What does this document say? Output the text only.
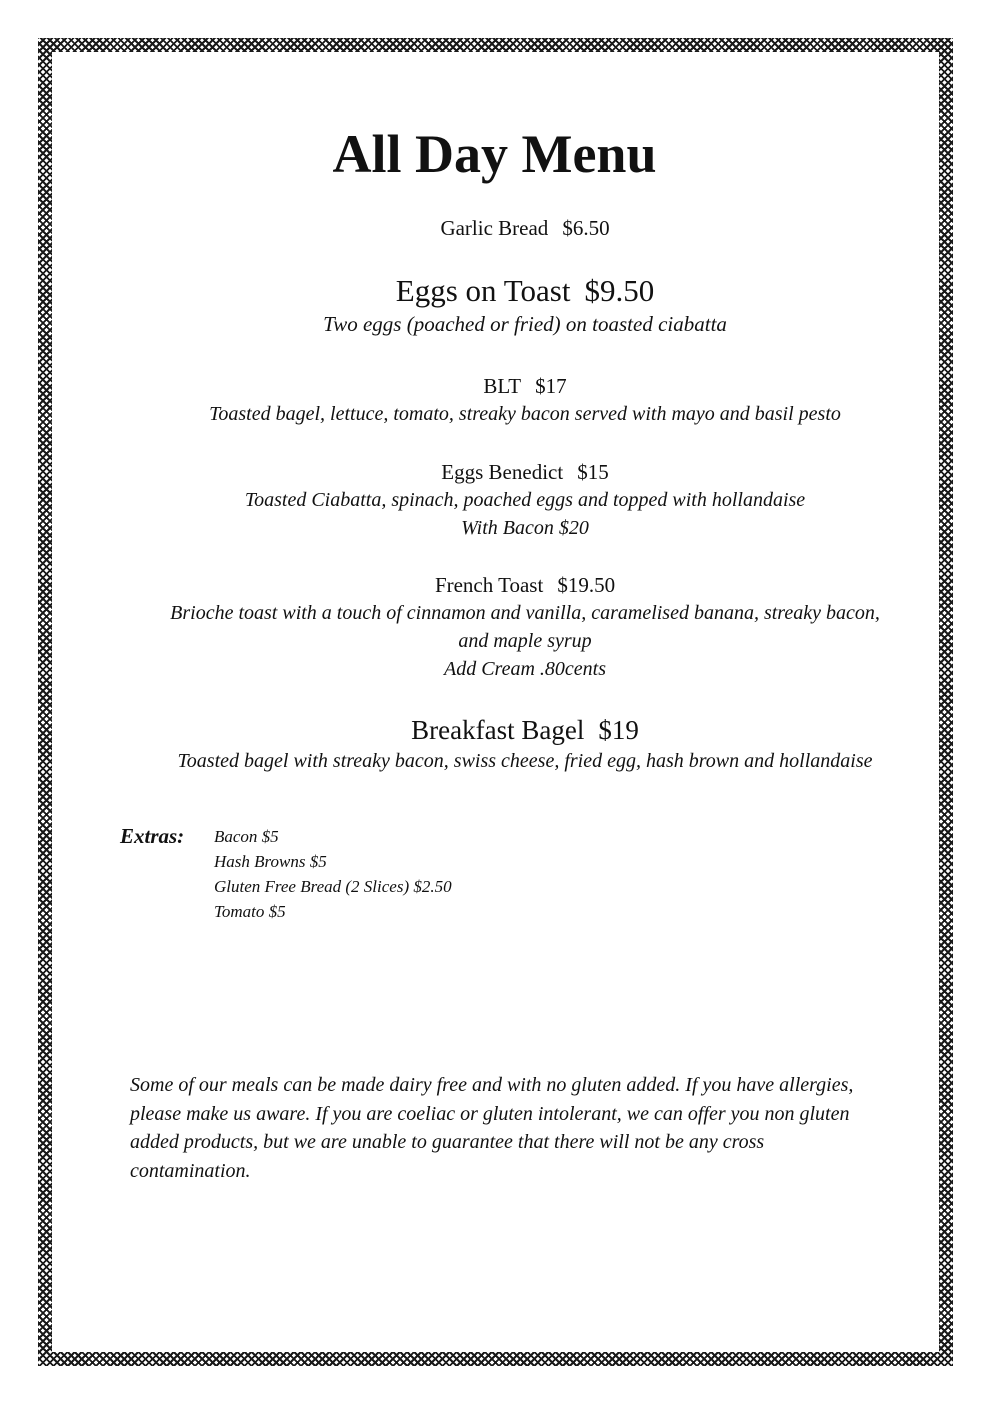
All Day Menu
Garlic Bread $6.50
Eggs on Toast $9.50
Two eggs (poached or fried) on toasted ciabatta
BLT $17
Toasted bagel, lettuce, tomato, streaky bacon served with mayo and basil pesto
Eggs Benedict $15
Toasted Ciabatta, spinach, poached eggs and topped with hollandaise
With Bacon $20
French Toast $19.50
Brioche toast with a touch of cinnamon and vanilla, caramelised banana, streaky bacon,
and maple syrup
Add Cream .80cents
Breakfast Bagel $19
Toasted bagel with streaky bacon, swiss cheese, fried egg, hash brown and hollandaise
Extras:	Bacon $5
Hash Browns $5
Gluten Free Bread (2 Slices) $2.50
Tomato $5

Some of our meals can be made dairy free and with no gluten added. If you have allergies, please make us aware. If you are coeliac or gluten intolerant, we can offer you non gluten added products, but we are unable to guarantee that there will not be any cross contamination.
